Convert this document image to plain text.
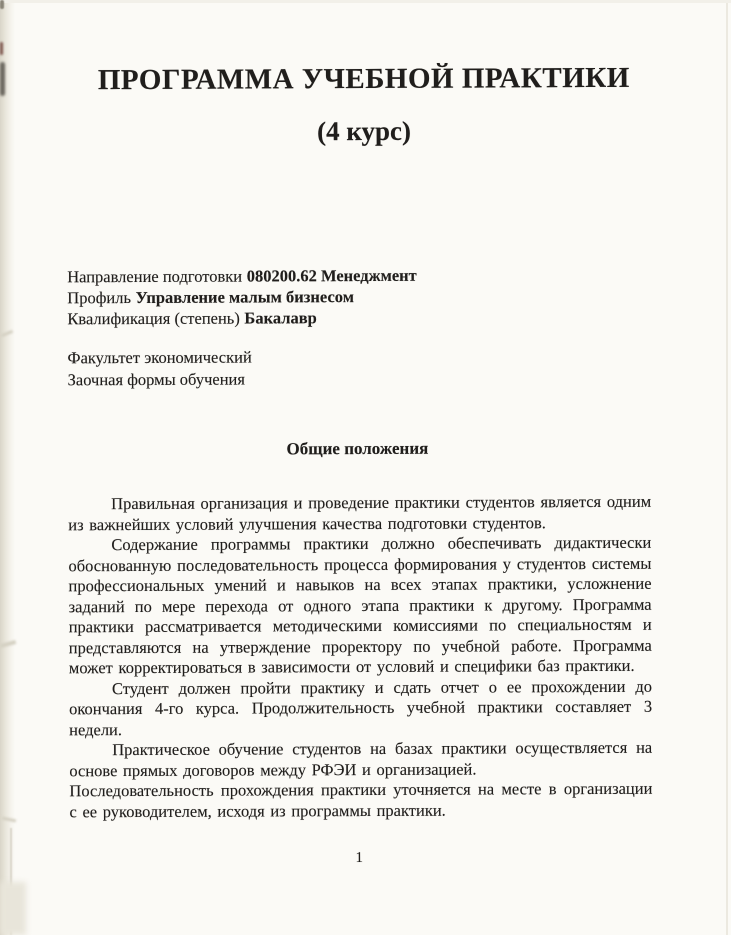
ПРОГРАММА УЧЕБНОЙ ПРАКТИКИ
(4 курс)
Направление подготовки 080200.62 Менеджмент
Профиль Управление малым бизнесом
Квалификация (степень) Бакалавр
Факультет экономический
Заочная формы обучения
Общие положения

Правильная организация и проведение практики студентов является одним из важнейших условий улучшения качества подготовки студентов.

Содержание программы практики должно обеспечивать дидактически обоснованную последовательность процесса формирования у студентов системы профессиональных умений и навыков на всех этапах практики, усложнение заданий по мере перехода от одного этапа практики к другому. Программа практики рассматривается методическими комиссиями по специальностям и представляются на утверждение проректору по учебной работе. Программа может корректироваться в зависимости от условий и специфики баз практики.

Студент должен пройти практику и сдать отчет о ее прохождении до окончания 4-го курса. Продолжительность учебной практики составляет 3 недели.

Практическое обучение студентов на базах практики осуществляется на основе прямых договоров между РФЭИ и организацией.

Последовательность прохождения практики уточняется на месте в организации с ее руководителем, исходя из программы практики.

1
